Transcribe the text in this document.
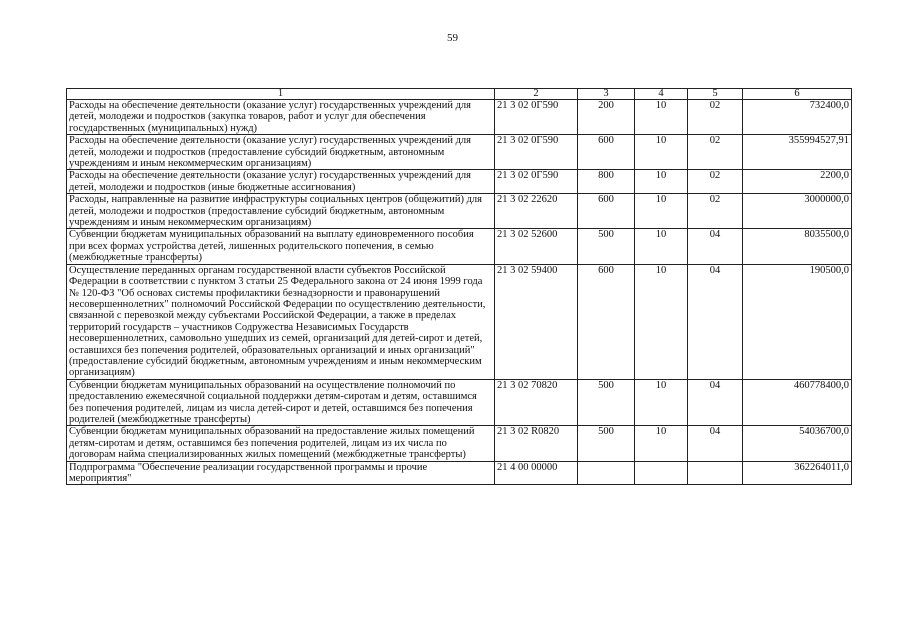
59
1	2	3	4	5	6
Расходы на обеспечение деятельности (оказание услуг) государственных учреждений для детей, молодежи и подростков (закупка товаров, работ и услуг для обеспечения государственных (муниципальных) нужд)	21 3 02 0Г590	200	10	02	732400,0
Расходы на обеспечение деятельности (оказание услуг) государственных учреждений для детей, молодежи и подростков (предоставление субсидий бюджетным, автономным учреждениям и иным некоммерческим организациям)	21 3 02 0Г590	600	10	02	355994527,91
Расходы на обеспечение деятельности (оказание услуг) государственных учреждений для детей, молодежи и подростков (иные бюджетные ассигнования)	21 3 02 0Г590	800	10	02	2200,0
Расходы, направленные на развитие инфраструктуры социальных центров (общежитий) для детей, молодежи и подростков (предоставление субсидий бюджетным, автономным учреждениям и иным некоммерческим организациям)	21 3 02 22620	600	10	02	3000000,0
Субвенции бюджетам муниципальных образований на выплату единовременного пособия при всех формах устройства детей, лишенных родительского попечения, в семью (межбюджетные трансферты)	21 3 02 52600	500	10	04	8035500,0
Осуществление переданных органам государственной власти субъектов Российской Федерации в соответствии с пунктом 3 статьи 25 Федерального закона от 24 июня 1999 года № 120-ФЗ "Об основах системы профилактики безнадзорности и правонарушений несовершеннолетних" полномочий Российской Федерации по осуществлению деятельности, связанной с перевозкой между субъектами Российской Федерации, а также в пределах территорий государств – участников Содружества Независимых Государств несовершеннолетних, самовольно ушедших из семей, организаций для детей-сирот и детей, оставшихся без попечения родителей, образовательных организаций и иных организаций" (предоставление субсидий бюджетным, автономным учреждениям и иным некоммерческим организациям)	21 3 02 59400	600	10	04	190500,0
Субвенции бюджетам муниципальных образований на осуществление полномочий по предоставлению ежемесячной социальной поддержки детям-сиротам и детям, оставшимся без попечения родителей, лицам из числа детей-сирот и детей, оставшимся без попечения родителей (межбюджетные трансферты)	21 3 02 70820	500	10	04	460778400,0
Субвенции бюджетам муниципальных образований на предоставление жилых помещений детям-сиротам и детям, оставшимся без попечения родителей, лицам из их числа по договорам найма специализированных жилых помещений (межбюджетные трансферты)	21 3 02 R0820	500	10	04	54036700,0
Подпрограмма "Обеспечение реализации государственной программы и прочие мероприятия"	21 4 00 00000				362264011,0
